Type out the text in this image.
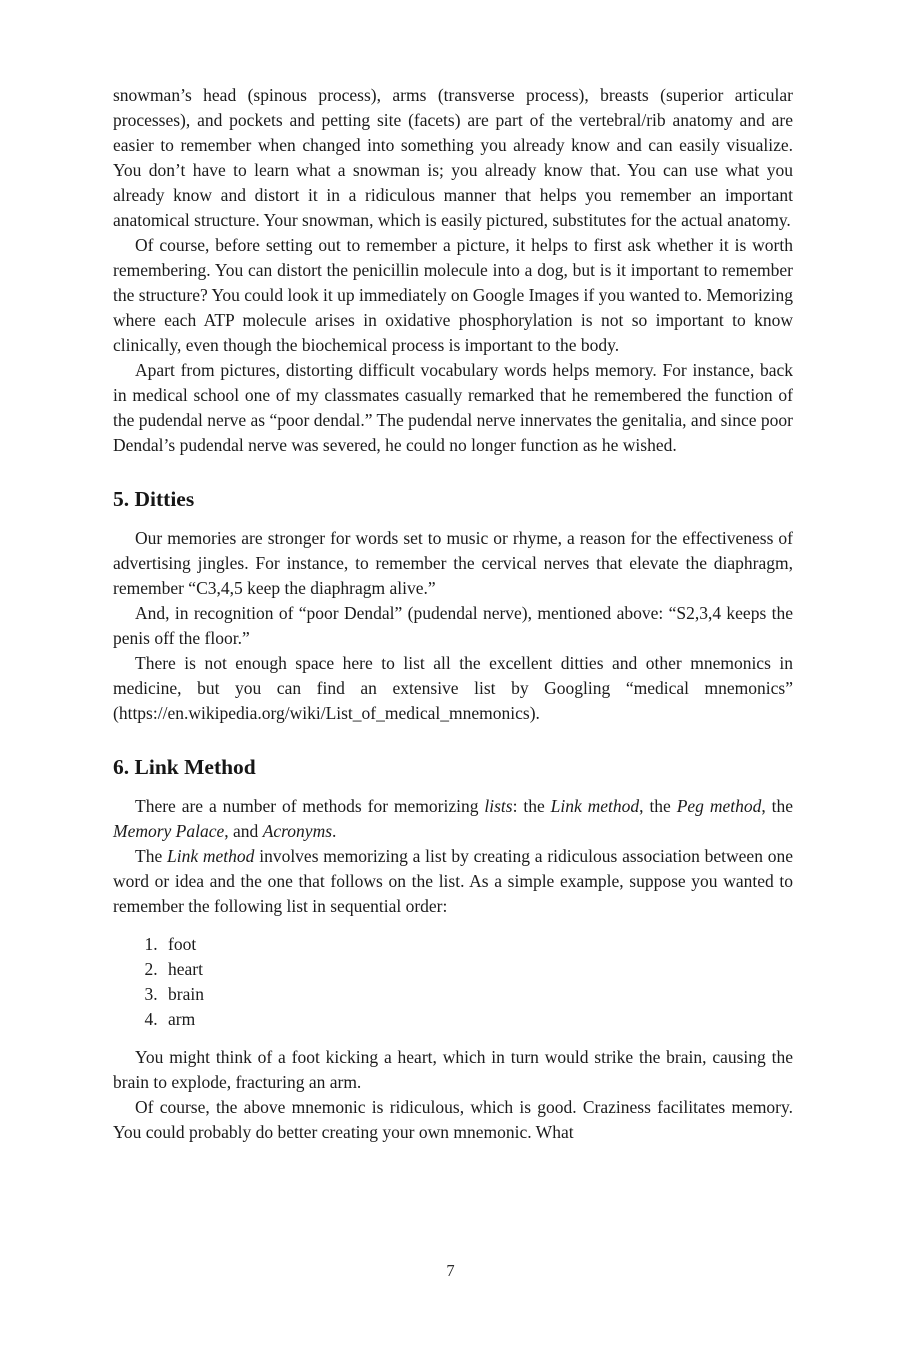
snowman’s head (spinous process), arms (transverse process), breasts (superior articular processes), and pockets and petting site (facets) are part of the vertebral/rib anatomy and are easier to remember when changed into something you already know and can easily visualize. You don’t have to learn what a snowman is; you already know that. You can use what you already know and distort it in a ridiculous manner that helps you remember an important anatomical structure. Your snowman, which is easily pictured, substitutes for the actual anatomy.

Of course, before setting out to remember a picture, it helps to first ask whether it is worth remembering. You can distort the penicillin molecule into a dog, but is it important to remember the structure? You could look it up immediately on Google Images if you wanted to. Memorizing where each ATP molecule arises in oxidative phosphorylation is not so important to know clinically, even though the biochemical process is important to the body.

Apart from pictures, distorting difficult vocabulary words helps memory. For instance, back in medical school one of my classmates casually remarked that he remembered the function of the pudendal nerve as “poor dendal.” The pudendal nerve innervates the genitalia, and since poor Dendal’s pudendal nerve was severed, he could no longer function as he wished.

5. Ditties

Our memories are stronger for words set to music or rhyme, a reason for the effectiveness of advertising jingles. For instance, to remember the cervical nerves that elevate the diaphragm, remember “C3,4,5 keep the diaphragm alive.”

And, in recognition of “poor Dendal” (pudendal nerve), mentioned above: “S2,3,4 keeps the penis off the floor.”

There is not enough space here to list all the excellent ditties and other mnemonics in medicine, but you can find an extensive list by Googling “medical mnemonics” (https://en.wikipedia.org/wiki/List_of_medical_mnemonics).

6. Link Method

There are a number of methods for memorizing lists: the Link method, the Peg method, the Memory Palace, and Acronyms.

The Link method involves memorizing a list by creating a ridiculous association between one word or idea and the one that follows on the list. As a simple example, suppose you wanted to remember the following list in sequential order:

1. foot
2. heart
3. brain
4. arm

You might think of a foot kicking a heart, which in turn would strike the brain, causing the brain to explode, fracturing an arm.

Of course, the above mnemonic is ridiculous, which is good. Craziness facilitates memory. You could probably do better creating your own mnemonic. What

7
